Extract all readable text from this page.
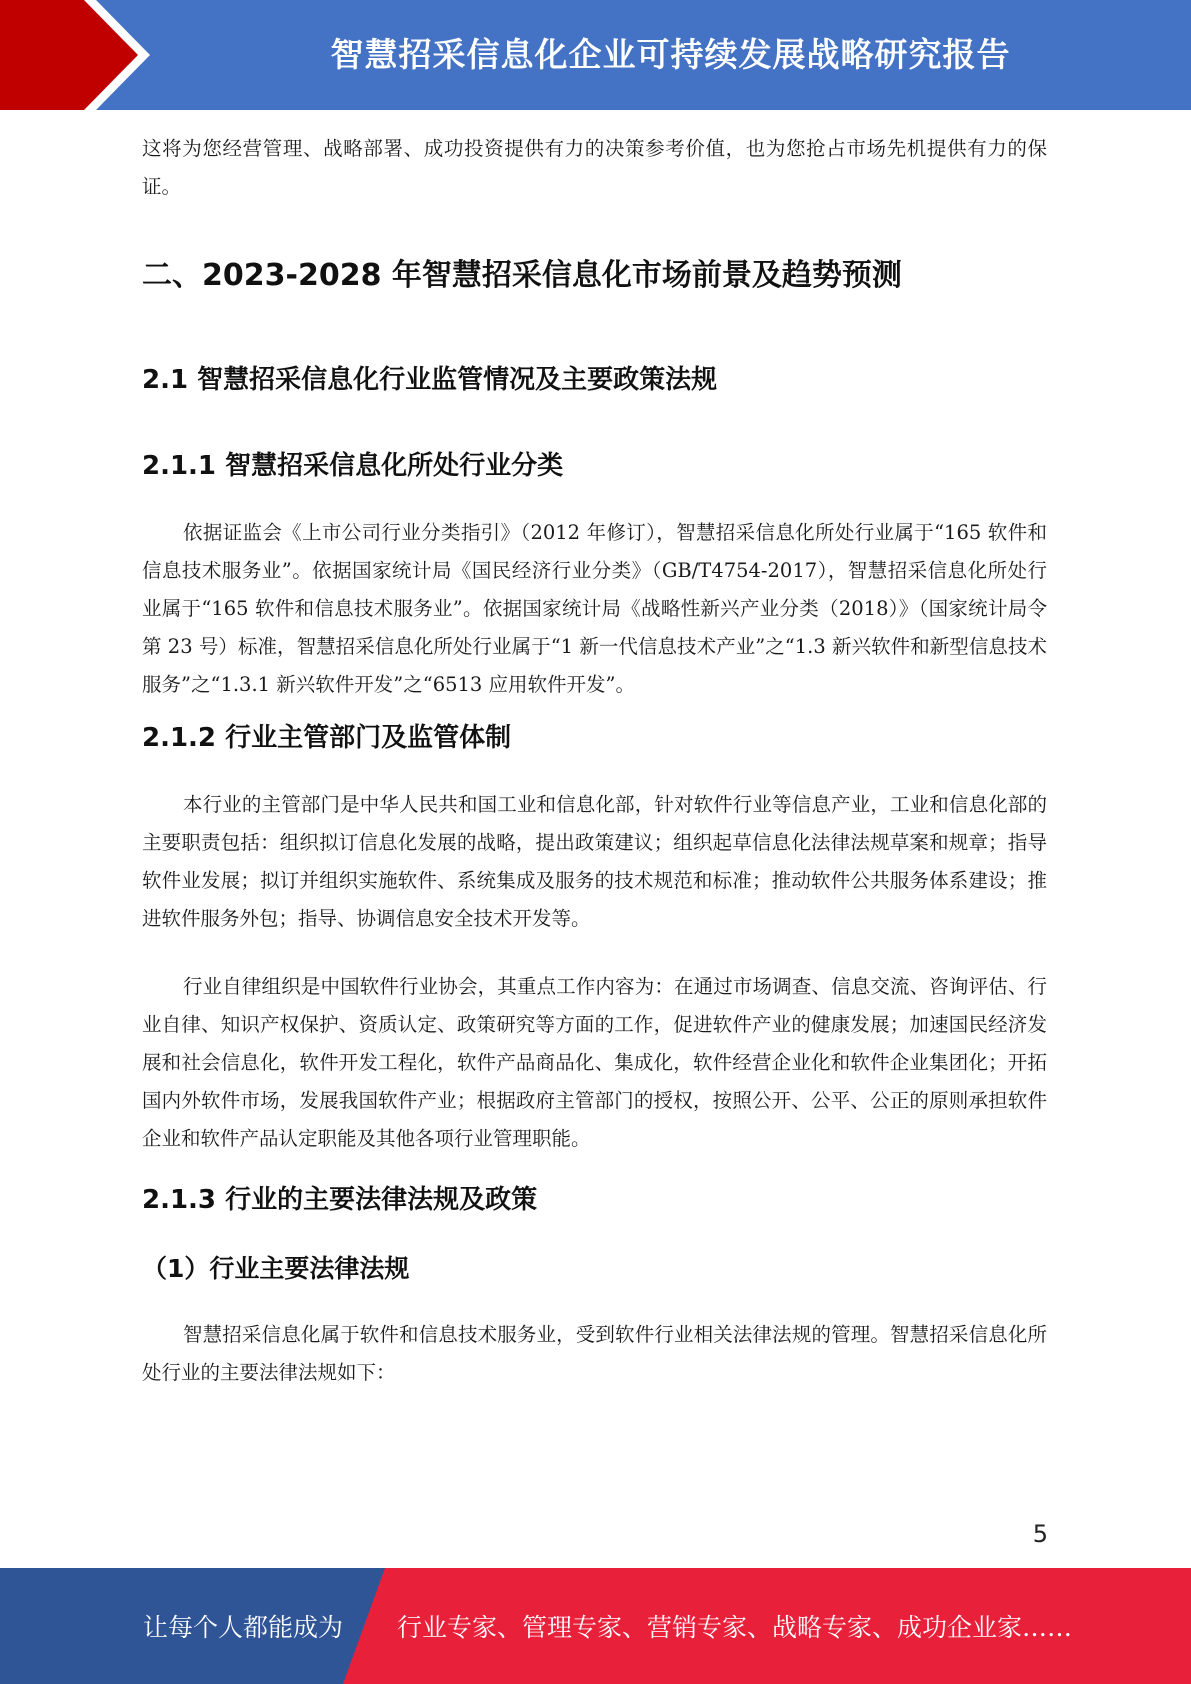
智慧招采信息化企业可持续发展战略研究报告

这将为您经营管理、战略部署、成功投资提供有力的决策参考价值，也为您抢占市场先机提供有力的保证。

二、2023-2028 年智慧招采信息化市场前景及趋势预测
2.1 智慧招采信息化行业监管情况及主要政策法规
2.1.1 智慧招采信息化所处行业分类

依据证监会《上市公司行业分类指引》（2012 年修订），智慧招采信息化所处行业属于“165 软件和信息技术服务业”。依据国家统计局《国民经济行业分类》（GB/T4754-2017），智慧招采信息化所处行业属于“165 软件和信息技术服务业”。依据国家统计局《战略性新兴产业分类（2018）》（国家统计局令第 23 号）标准，智慧招采信息化所处行业属于“1 新一代信息技术产业”之“1.3 新兴软件和新型信息技术服务”之“1.3.1 新兴软件开发”之“6513 应用软件开发”。

2.1.2 行业主管部门及监管体制

本行业的主管部门是中华人民共和国工业和信息化部，针对软件行业等信息产业，工业和信息化部的主要职责包括：组织拟订信息化发展的战略，提出政策建议；组织起草信息化法律法规草案和规章；指导软件业发展；拟订并组织实施软件、系统集成及服务的技术规范和标准；推动软件公共服务体系建设；推进软件服务外包；指导、协调信息安全技术开发等。

行业自律组织是中国软件行业协会，其重点工作内容为：在通过市场调查、信息交流、咨询评估、行业自律、知识产权保护、资质认定、政策研究等方面的工作，促进软件产业的健康发展；加速国民经济发展和社会信息化，软件开发工程化，软件产品商品化、集成化，软件经营企业化和软件企业集团化；开拓国内外软件市场，发展我国软件产业；根据政府主管部门的授权，按照公开、公平、公正的原则承担软件企业和软件产品认定职能及其他各项行业管理职能。

2.1.3 行业的主要法律法规及政策
（1）行业主要法律法规

智慧招采信息化属于软件和信息技术服务业，受到软件行业相关法律法规的管理。智慧招采信息化所处行业的主要法律法规如下：

5
让每个人都能成为 行业专家、管理专家、营销专家、战略专家、成功企业家……
